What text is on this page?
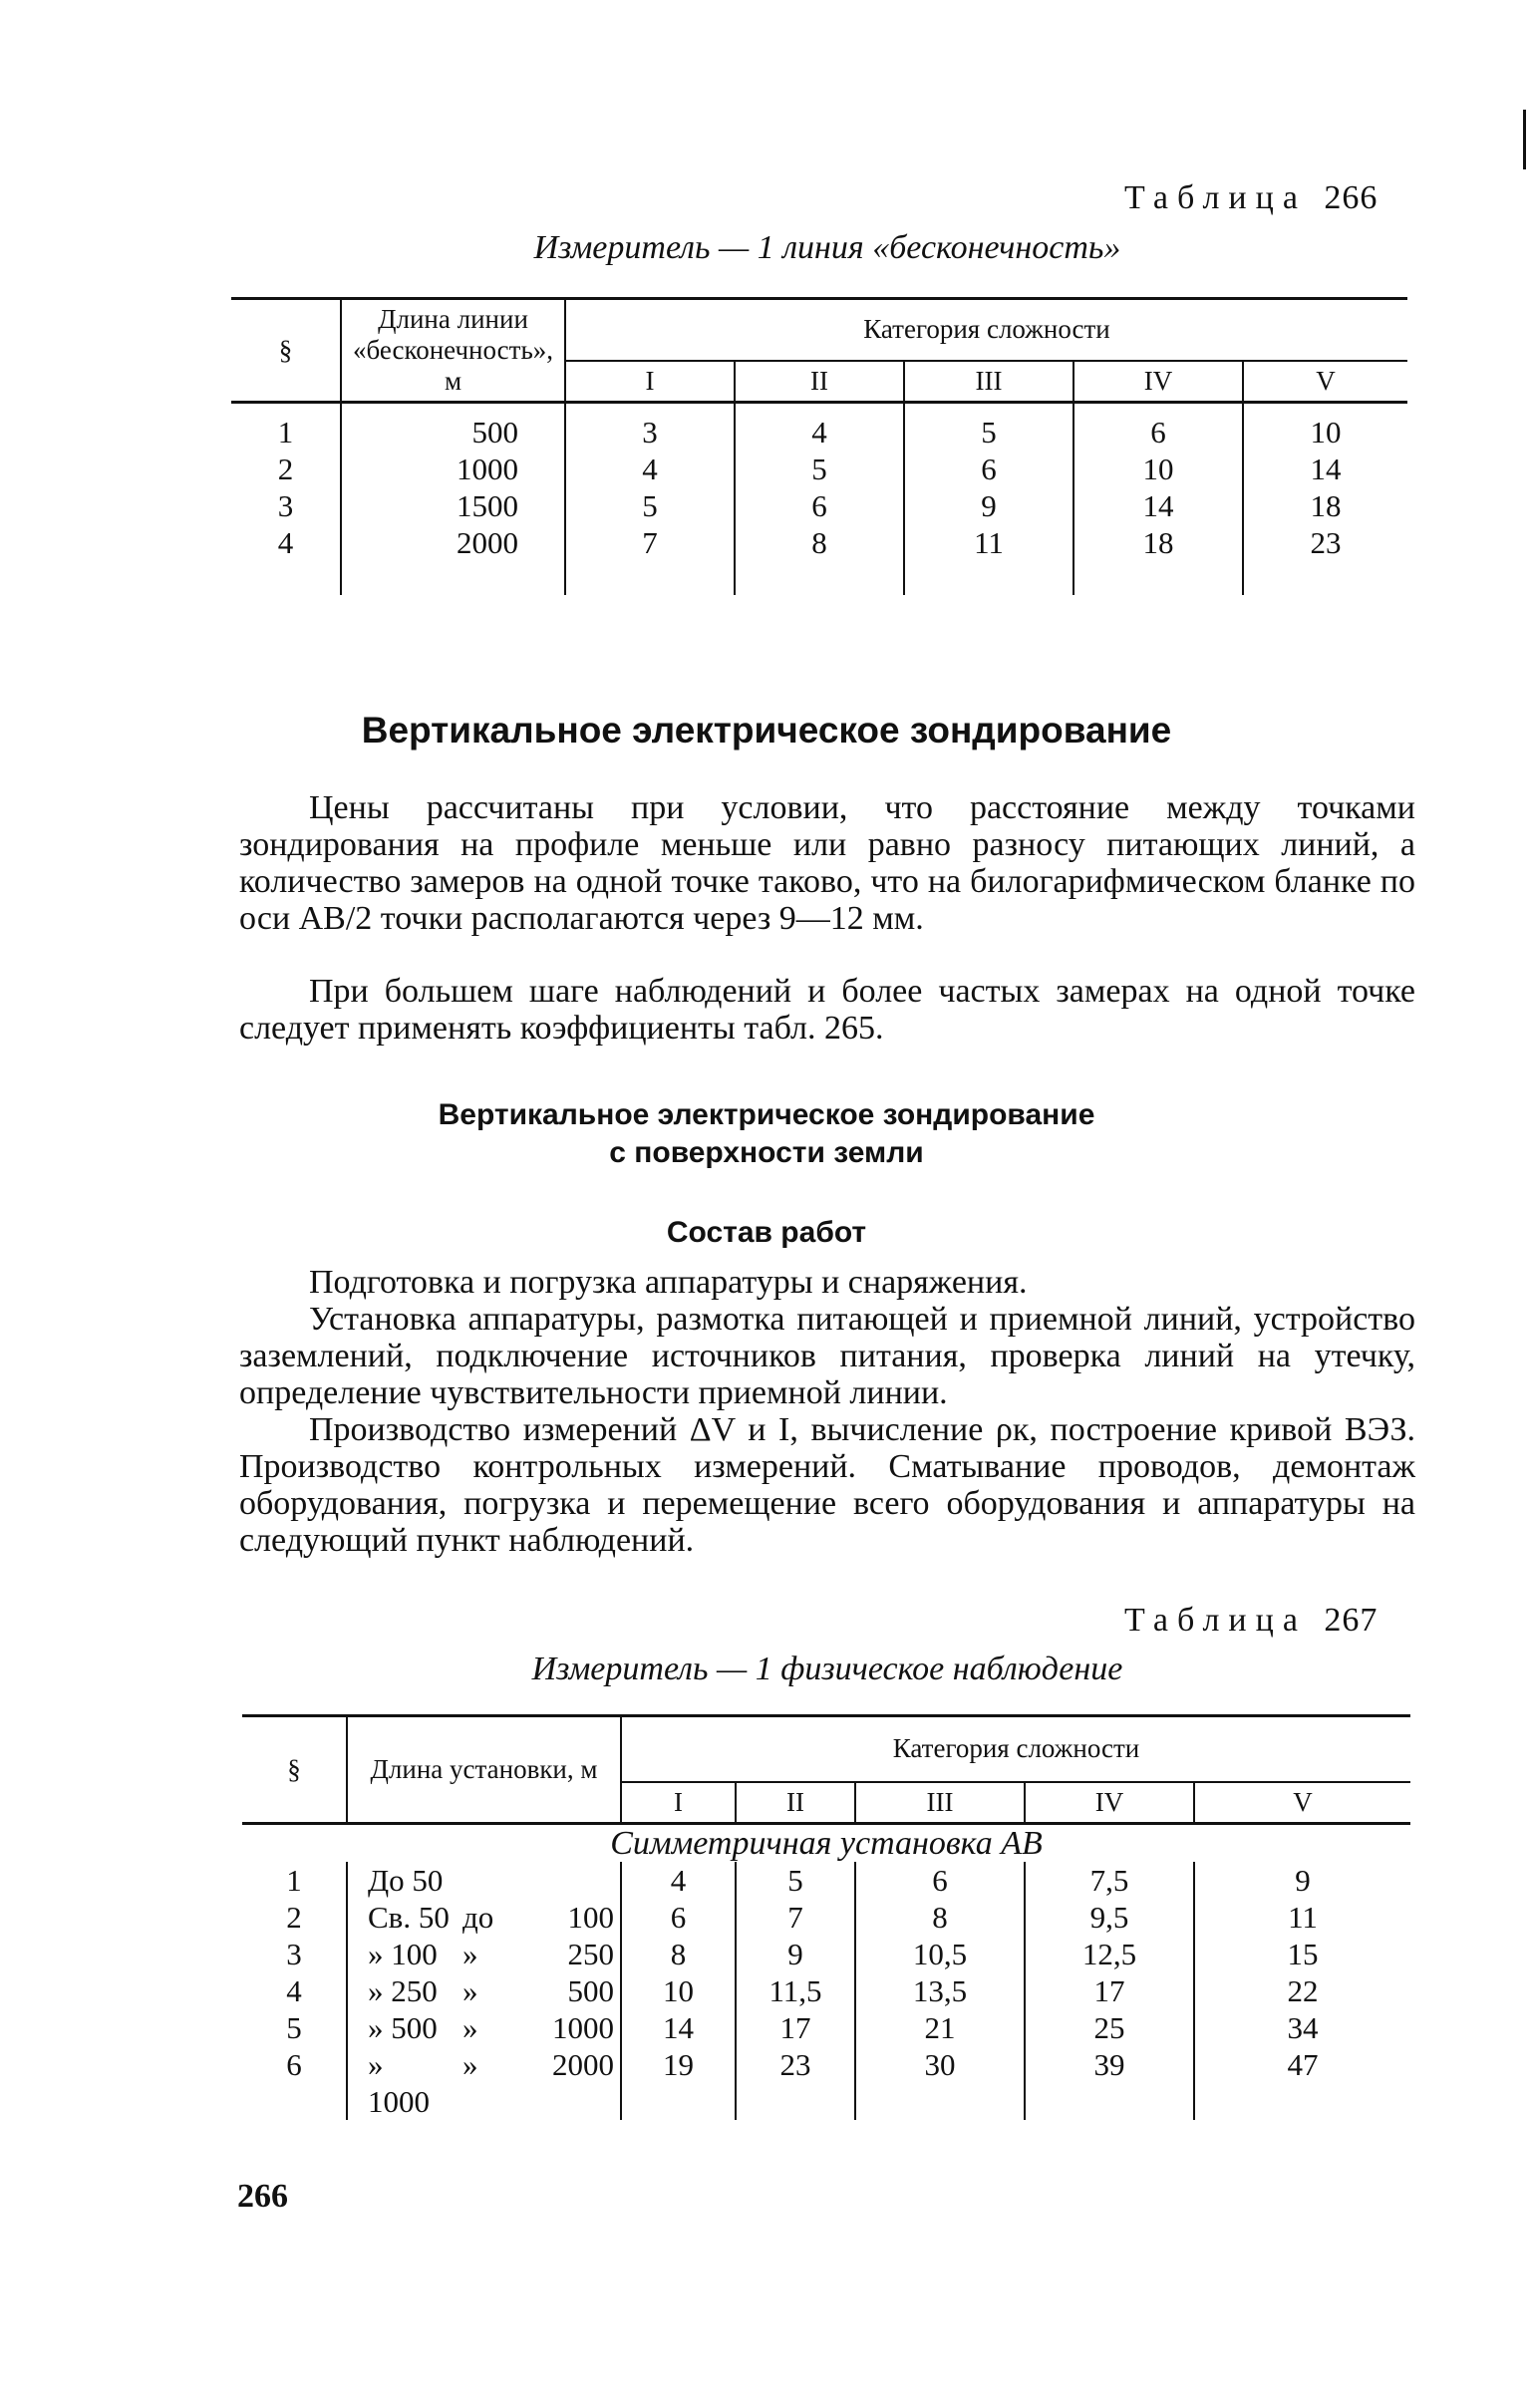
Таблица 266
Измеритель — 1 линия «бесконечность»
§	Длина линии «бесконечность», м	Категория сложности				
		I	II	III	IV	V

1	500	3	4	5	6	10
2	1000	4	5	6	10	14
3	1500	5	6	9	14	18
4	2000	7	8	11	18	23

Вертикальное электрическое зондирование
Цены рассчитаны при условии, что расстояние между точками зондирования на профиле меньше или равно разносу питающих линий, а количество замеров на одной точке таково, что на билогарифмическом бланке по оси АВ/2 точки располагаются через 9—12 мм.
При большем шаге наблюдений и более частых замерах на одной точке следует применять коэффициенты табл. 265.
Вертикальное электрическое зондирование
с поверхности земли
Состав работ
Подготовка и погрузка аппаратуры и снаряжения.
Установка аппаратуры, размотка питающей и приемной линий, устройство заземлений, подключение источников питания, проверка линий на утечку, определение чувствительности приемной линии.
Производство измерений ΔV и I, вычисление ρк, построение кривой ВЭЗ. Производство контрольных измерений. Сматывание проводов, демонтаж оборудования, погрузка и перемещение всего оборудования и аппаратуры на следующий пункт наблюдений.
Таблица 267
Измеритель — 1 физическое наблюдение
§	Длина установки, м			Категория сложности				
				I	II	III	IV	V
Симметричная установка АВ								
1	До 50			4	5	6	7,5	9
2	Св. 50	до	100	6	7	8	9,5	11
3	» 100	»	250	8	9	10,5	12,5	15
4	» 250	»	500	10	11,5	13,5	17	22
5	» 500	»	1000	14	17	21	25	34
6	» 1000	»	2000	19	23	30	39	47
266
